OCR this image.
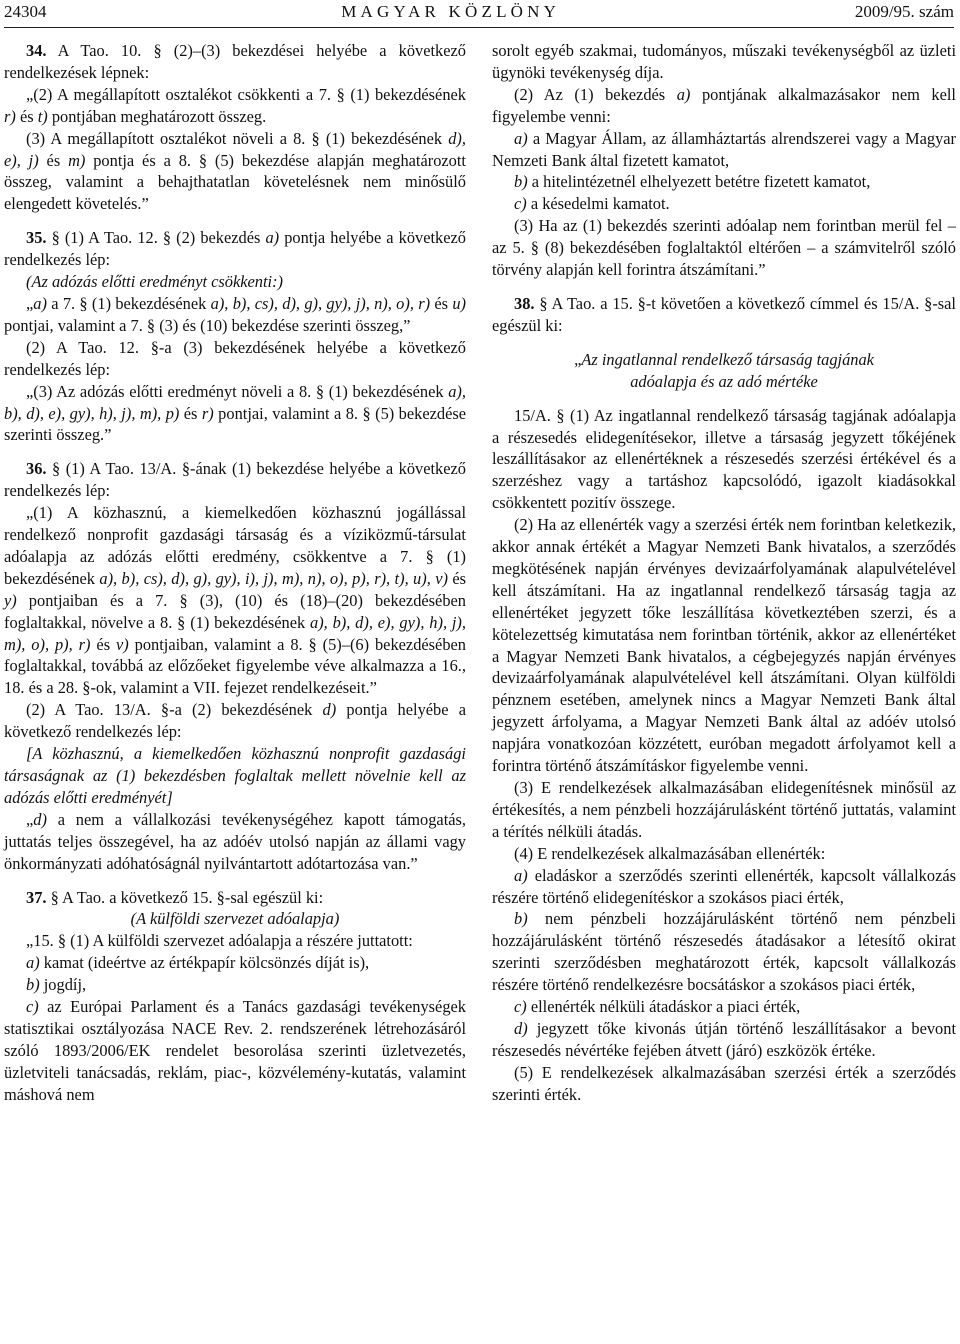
24304	MAGYAR KÖZLÖNY	2009/95. szám

34. A Tao. 10. § (2)–(3) bekezdései helyébe a következő rendelkezések lépnek:

„(2) A megállapított osztalékot csökkenti a 7. § (1) bekezdésének r) és t) pontjában meghatározott összeg.

(3) A megállapított osztalékot növeli a 8. § (1) bekezdésének d), e), j) és m) pontja és a 8. § (5) bekezdése alapján meghatározott összeg, valamint a behajthatatlan követelésnek nem minősülő elengedett követelés.”

35. § (1) A Tao. 12. § (2) bekezdés a) pontja helyébe a következő rendelkezés lép:

(Az adózás előtti eredményt csökkenti:)

„a) a 7. § (1) bekezdésének a), b), cs), d), g), gy), j), n), o), r) és u) pontjai, valamint a 7. § (3) és (10) bekezdése szerinti összeg,”

(2) A Tao. 12. §-a (3) bekezdésének helyébe a következő rendelkezés lép:

„(3) Az adózás előtti eredményt növeli a 8. § (1) bekezdésének a), b), d), e), gy), h), j), m), p) és r) pontjai, valamint a 8. § (5) bekezdése szerinti összeg.”

36. § (1) A Tao. 13/A. §-ának (1) bekezdése helyébe a következő rendelkezés lép:

„(1) A közhasznú, a kiemelkedően közhasznú jogállással rendelkező nonprofit gazdasági társaság és a víziközmű-társulat adóalapja az adózás előtti eredmény, csökkentve a 7. § (1) bekezdésének a), b), cs), d), g), gy), i), j), m), n), o), p), r), t), u), v) és y) pontjaiban és a 7. § (3), (10) és (18)–(20) bekezdésében foglaltakkal, növelve a 8. § (1) bekezdésének a), b), d), e), gy), h), j), m), o), p), r) és v) pontjaiban, valamint a 8. § (5)–(6) bekezdésében foglaltakkal, továbbá az előzőeket figyelembe véve alkalmazza a 16., 18. és a 28. §-ok, valamint a VII. fejezet rendelkezéseit.”

(2) A Tao. 13/A. §-a (2) bekezdésének d) pontja helyébe a következő rendelkezés lép:

[A közhasznú, a kiemelkedően közhasznú nonprofit gazdasági társaságnak az (1) bekezdésben foglaltak mellett növelnie kell az adózás előtti eredményét]

„d) a nem a vállalkozási tevékenységéhez kapott támogatás, juttatás teljes összegével, ha az adóév utolsó napján az állami vagy önkormányzati adóhatóságnál nyilvántartott adótartozása van.”

37. § A Tao. a következő 15. §-sal egészül ki:

(A külföldi szervezet adóalapja)

„15. § (1) A külföldi szervezet adóalapja a részére juttatott:

a) kamat (ideértve az értékpapír kölcsönzés díját is),

b) jogdíj,

c) az Európai Parlament és a Tanács gazdasági tevékenységek statisztikai osztályozása NACE Rev. 2. rendszerének létrehozásáról szóló 1893/2006/EK rendelet besorolása szerinti üzletvezetés, üzletviteli tanácsadás, reklám, piac-, közvélemény-kutatás, valamint máshová nem

sorolt egyéb szakmai, tudományos, műszaki tevékenységből az üzleti ügynöki tevékenység díja.

(2) Az (1) bekezdés a) pontjának alkalmazásakor nem kell figyelembe venni:

a) a Magyar Állam, az államháztartás alrendszerei vagy a Magyar Nemzeti Bank által fizetett kamatot,

b) a hitelintézetnél elhelyezett betétre fizetett kamatot,

c) a késedelmi kamatot.

(3) Ha az (1) bekezdés szerinti adóalap nem forintban merül fel – az 5. § (8) bekezdésében foglaltaktól eltérően – a számvitelről szóló törvény alapján kell forintra átszámítani.”

38. § A Tao. a 15. §-t követően a következő címmel és 15/A. §-sal egészül ki:

„Az ingatlannal rendelkező társaság tagjának
adóalapja és az adó mértéke

15/A. § (1) Az ingatlannal rendelkező társaság tagjának adóalapja a részesedés elidegenítésekor, illetve a társaság jegyzett tőkéjének leszállításakor az ellenértéknek a részesedés szerzési értékével és a szerzéshez vagy a tartáshoz kapcsolódó, igazolt kiadásokkal csökkentett pozitív összege.

(2) Ha az ellenérték vagy a szerzési érték nem forintban keletkezik, akkor annak értékét a Magyar Nemzeti Bank hivatalos, a szerződés megkötésének napján érvényes devizaárfolyamának alapulvételével kell átszámítani. Ha az ingatlannal rendelkező társaság tagja az ellenértéket jegyzett tőke leszállítása következtében szerzi, és a kötelezettség kimutatása nem forintban történik, akkor az ellenértéket a Magyar Nemzeti Bank hivatalos, a cégbejegyzés napján érvényes devizaárfolyamának alapulvételével kell átszámítani. Olyan külföldi pénznem esetében, amelynek nincs a Magyar Nemzeti Bank által jegyzett árfolyama, a Magyar Nemzeti Bank által az adóév utolsó napjára vonatkozóan közzétett, euróban megadott árfolyamot kell a forintra történő átszámításkor figyelembe venni.

(3) E rendelkezések alkalmazásában elidegenítésnek minősül az értékesítés, a nem pénzbeli hozzájárulásként történő juttatás, valamint a térítés nélküli átadás.

(4) E rendelkezések alkalmazásában ellenérték:

a) eladáskor a szerződés szerinti ellenérték, kapcsolt vállalkozás részére történő elidegenítéskor a szokásos piaci érték,

b) nem pénzbeli hozzájárulásként történő nem pénzbeli hozzájárulásként történő részesedés átadásakor a létesítő okirat szerinti szerződésben meghatározott érték, kapcsolt vállalkozás részére történő rendelkezésre bocsátáskor a szokásos piaci érték,

c) ellenérték nélküli átadáskor a piaci érték,

d) jegyzett tőke kivonás útján történő leszállításakor a bevont részesedés névértéke fejében átvett (járó) eszközök értéke.

(5) E rendelkezések alkalmazásában szerzési érték a szerződés szerinti érték.
